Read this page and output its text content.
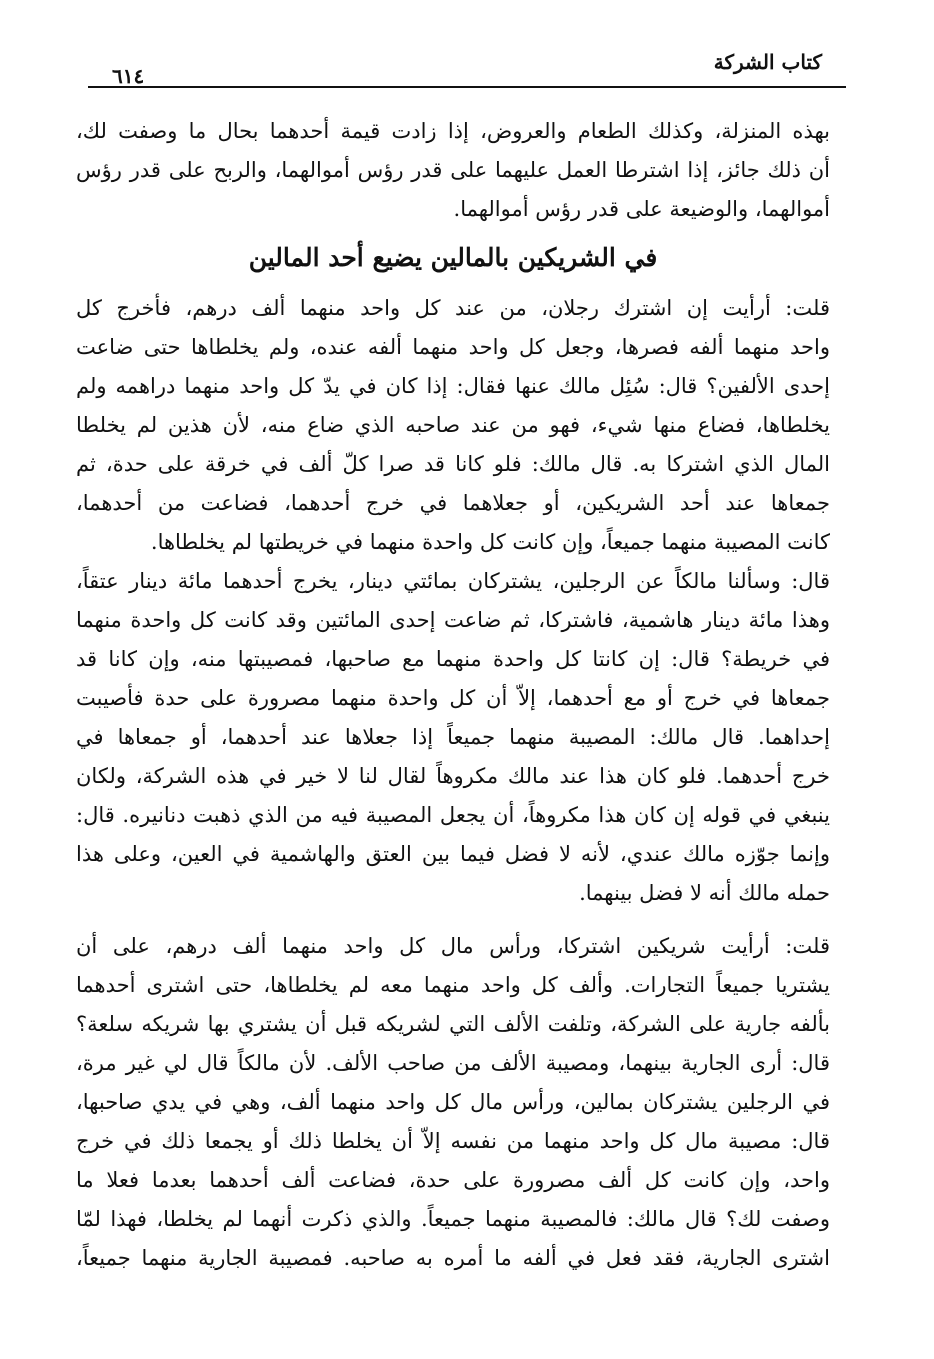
كتاب الشركة
٦١٤
بهذه المنزلة، وكذلك الطعام والعروض، إذا زادت قيمة أحدهما بحال ما وصفت لك،
أن ذلك جائز، إذا اشترطا العمل عليهما على قدر رؤس أموالهما، والربح على قدر رؤس
أموالهما، والوضيعة على قدر رؤس أموالهما.
في الشريكين بالمالين يضيع أحد المالين
قلت: أرأيت إن اشترك رجلان، من عند كل واحد منهما ألف درهم، فأخرج كل
واحد منهما ألفه فصرها، وجعل كل واحد منهما ألفه عنده، ولم يخلطاها حتى ضاعت
إحدى الألفين؟ قال: سُئِل مالك عنها فقال: إذا كان في يدّ كل واحد منهما دراهمه ولم
يخلطاها، فضاع منها شيء، فهو من عند صاحبه الذي ضاع منه، لأن هذين لم يخلطا
المال الذي اشتركا به. قال مالك: فلو كانا قد صرا كلّ ألف في خرقة على حدة، ثم
جمعاها عند أحد الشريكين، أو جعلاهما في خرج أحدهما، فضاعت من أحدهما،
كانت المصيبة منهما جميعاً، وإن كانت كل واحدة منهما في خريطتها لم يخلطاها.
قال: وسألنا مالكاً عن الرجلين، يشتركان بمائتي دينار، يخرج أحدهما مائة دينار عتقاً،
وهذا مائة دينار هاشمية، فاشتركا، ثم ضاعت إحدى المائتين وقد كانت كل واحدة منهما
في خريطة؟ قال: إن كانتا كل واحدة منهما مع صاحبها، فمصيبتها منه، وإن كانا قد
جمعاها في خرج أو مع أحدهما، إلاّ أن كل واحدة منهما مصرورة على حدة فأصيبت
إحداهما. قال مالك: المصيبة منهما جميعاً إذا جعلاها عند أحدهما، أو جمعاها في
خرج أحدهما. فلو كان هذا عند مالك مكروهاً لقال لنا لا خير في هذه الشركة، ولكان
ينبغي في قوله إن كان هذا مكروهاً، أن يجعل المصيبة فيه من الذي ذهبت دنانيره. قال:
وإنما جوّزه مالك عندي، لأنه لا فضل فيما بين العتق والهاشمية في العين، وعلى هذا
حمله مالك أنه لا فضل بينهما.
قلت: أرأيت شريكين اشتركا، ورأس مال كل واحد منهما ألف درهم، على أن
يشتريا جميعاً التجارات. وألف كل واحد منهما معه لم يخلطاها، حتى اشترى أحدهما
بألفه جارية على الشركة، وتلفت الألف التي لشريكه قبل أن يشتري بها شريكه سلعة؟
قال: أرى الجارية بينهما، ومصيبة الألف من صاحب الألف. لأن مالكاً قال لي غير مرة،
في الرجلين يشتركان بمالين، ورأس مال كل واحد منهما ألف، وهي في يدي صاحبها،
قال: مصيبة مال كل واحد منهما من نفسه إلاّ أن يخلطا ذلك أو يجمعا ذلك في خرج
واحد، وإن كانت كل ألف مصرورة على حدة، فضاعت ألف أحدهما بعدما فعلا ما
وصفت لك؟ قال مالك: فالمصيبة منهما جميعاً. والذي ذكرت أنهما لم يخلطا، فهذا لمّا
اشترى الجارية، فقد فعل في ألفه ما أمره به صاحبه. فمصيبة الجارية منهما جميعاً،
